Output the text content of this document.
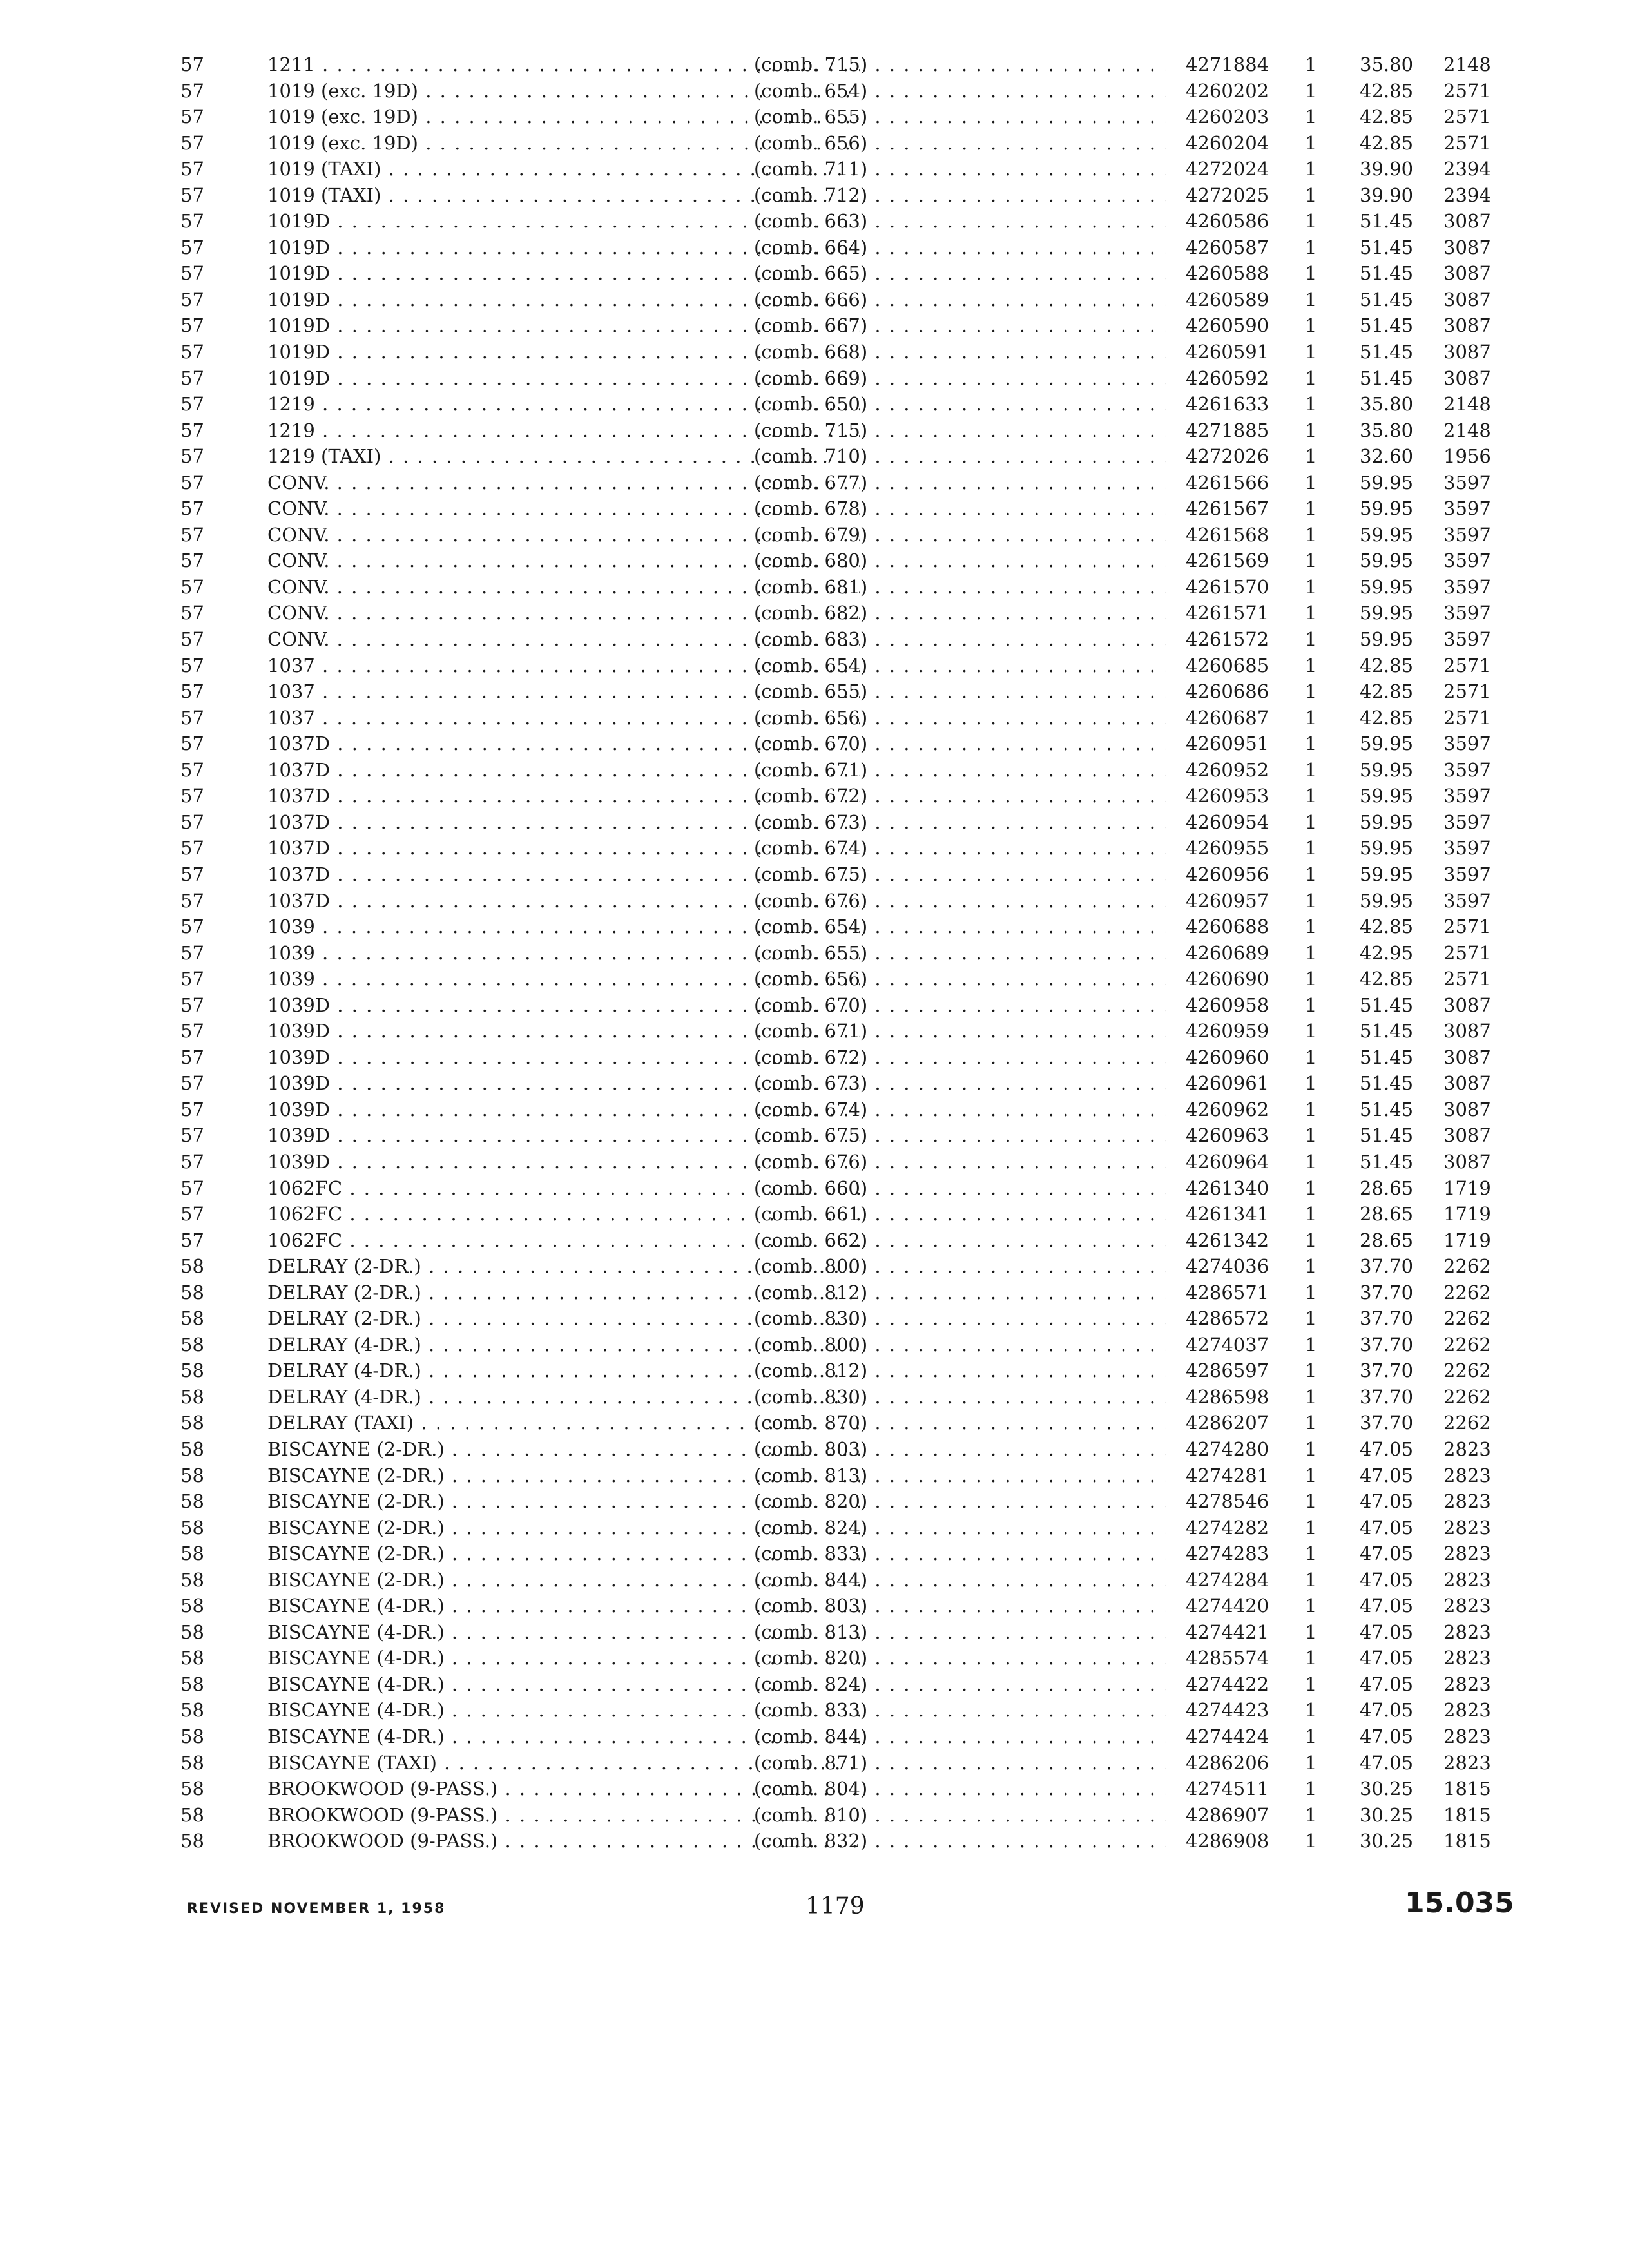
57	1211 . . .	(comb. 715) . . .	4271884	1	35.80	2148
57	1019 (exc. 19D) . . .	(comb. 654) . . .	4260202	1	42.85	2571
57	1019 (exc. 19D) . . .	(comb. 655) . . .	4260203	1	42.85	2571
57	1019 (exc. 19D) . . .	(comb. 656) . . .	4260204	1	42.85	2571
57	1019 (TAXI) . . .	(comb. 711) . . .	4272024	1	39.90	2394
57	1019 (TAXI) . . .	(comb. 712) . . .	4272025	1	39.90	2394
57	1019D . . .	(comb. 663) . . .	4260586	1	51.45	3087
57	1019D . . .	(comb. 664) . . .	4260587	1	51.45	3087
57	1019D . . .	(comb. 665) . . .	4260588	1	51.45	3087
57	1019D . . .	(comb. 666) . . .	4260589	1	51.45	3087
57	1019D . . .	(comb. 667) . . .	4260590	1	51.45	3087
57	1019D . . .	(comb. 668) . . .	4260591	1	51.45	3087
57	1019D . . .	(comb. 669) . . .	4260592	1	51.45	3087
57	1219 . . .	(comb. 650) . . .	4261633	1	35.80	2148
57	1219 . . .	(comb. 715) . . .	4271885	1	35.80	2148
57	1219 (TAXI) . . .	(comb. 710) . . .	4272026	1	32.60	1956
57	CONV. . . .	(comb. 677) . . .	4261566	1	59.95	3597
57	CONV. . . .	(comb. 678) . . .	4261567	1	59.95	3597
57	CONV. . . .	(comb. 679) . . .	4261568	1	59.95	3597
57	CONV. . . .	(comb. 680) . . .	4261569	1	59.95	3597
57	CONV. . . .	(comb. 681) . . .	4261570	1	59.95	3597
57	CONV. . . .	(comb. 682) . . .	4261571	1	59.95	3597
57	CONV. . . .	(comb. 683) . . .	4261572	1	59.95	3597
57	1037 . . .	(comb. 654) . . .	4260685	1	42.85	2571
57	1037 . . .	(comb. 655) . . .	4260686	1	42.85	2571
57	1037 . . .	(comb. 656) . . .	4260687	1	42.85	2571
57	1037D . . .	(comb. 670) . . .	4260951	1	59.95	3597
57	1037D . . .	(comb. 671) . . .	4260952	1	59.95	3597
57	1037D . . .	(comb. 672) . . .	4260953	1	59.95	3597
57	1037D . . .	(comb. 673) . . .	4260954	1	59.95	3597
57	1037D . . .	(comb. 674) . . .	4260955	1	59.95	3597
57	1037D . . .	(comb. 675) . . .	4260956	1	59.95	3597
57	1037D . . .	(comb. 676) . . .	4260957	1	59.95	3597
57	1039 . . .	(comb. 654) . . .	4260688	1	42.85	2571
57	1039 . . .	(comb. 655) . . .	4260689	1	42.95	2571
57	1039 . . .	(comb. 656) . . .	4260690	1	42.85	2571
57	1039D . . .	(comb. 670) . . .	4260958	1	51.45	3087
57	1039D . . .	(comb. 671) . . .	4260959	1	51.45	3087
57	1039D . . .	(comb. 672) . . .	4260960	1	51.45	3087
57	1039D . . .	(comb. 673) . . .	4260961	1	51.45	3087
57	1039D . . .	(comb. 674) . . .	4260962	1	51.45	3087
57	1039D . . .	(comb. 675) . . .	4260963	1	51.45	3087
57	1039D . . .	(comb. 676) . . .	4260964	1	51.45	3087
57	1062FC . . .	(comb. 660) . . .	4261340	1	28.65	1719
57	1062FC . . .	(comb. 661) . . .	4261341	1	28.65	1719
57	1062FC . . .	(comb. 662) . . .	4261342	1	28.65	1719
58	DELRAY (2-DR.) . . .	(comb. 800) . . .	4274036	1	37.70	2262
58	DELRAY (2-DR.) . . .	(comb. 812) . . .	4286571	1	37.70	2262
58	DELRAY (2-DR.) . . .	(comb. 830) . . .	4286572	1	37.70	2262
58	DELRAY (4-DR.) . . .	(comb. 800) . . .	4274037	1	37.70	2262
58	DELRAY (4-DR.) . . .	(comb. 812) . . .	4286597	1	37.70	2262
58	DELRAY (4-DR.) . . .	(comb. 830) . . .	4286598	1	37.70	2262
58	DELRAY (TAXI) . . .	(comb. 870) . . .	4286207	1	37.70	2262
58	BISCAYNE (2-DR.) . . .	(comb. 803) . . .	4274280	1	47.05	2823
58	BISCAYNE (2-DR.) . . .	(comb. 813) . . .	4274281	1	47.05	2823
58	BISCAYNE (2-DR.) . . .	(comb. 820) . . .	4278546	1	47.05	2823
58	BISCAYNE (2-DR.) . . .	(comb. 824) . . .	4274282	1	47.05	2823
58	BISCAYNE (2-DR.) . . .	(comb. 833) . . .	4274283	1	47.05	2823
58	BISCAYNE (2-DR.) . . .	(comb. 844) . . .	4274284	1	47.05	2823
58	BISCAYNE (4-DR.) . . .	(comb. 803) . . .	4274420	1	47.05	2823
58	BISCAYNE (4-DR.) . . .	(comb. 813) . . .	4274421	1	47.05	2823
58	BISCAYNE (4-DR.) . . .	(comb. 820) . . .	4285574	1	47.05	2823
58	BISCAYNE (4-DR.) . . .	(comb. 824) . . .	4274422	1	47.05	2823
58	BISCAYNE (4-DR.) . . .	(comb. 833) . . .	4274423	1	47.05	2823
58	BISCAYNE (4-DR.) . . .	(comb. 844) . . .	4274424	1	47.05	2823
58	BISCAYNE (TAXI) . . .	(comb. 871) . . .	4286206	1	47.05	2823
58	BROOKWOOD (9-PASS.) . . .	(comb. 804) . . .	4274511	1	30.25	1815
58	BROOKWOOD (9-PASS.) . . .	(comb. 810) . . .	4286907	1	30.25	1815
58	BROOKWOOD (9-PASS.) . . .	(comb. 832) . . .	4286908	1	30.25	1815
REVISED NOVEMBER 1, 1958	1179	15.035
